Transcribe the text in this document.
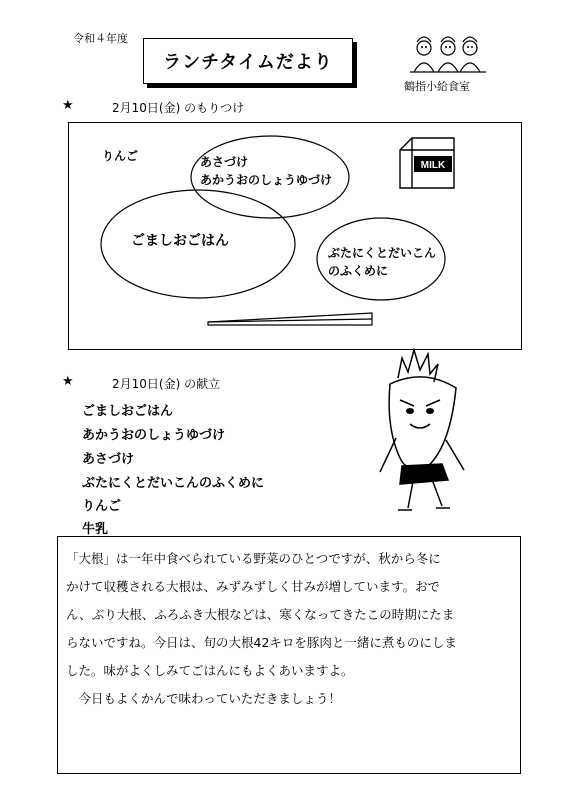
令和４年度
ランチタイムだより
鶴指小給食室
★	2月10日(金) のもりつけ
MILK
りんご	あさづけ
あかうおのしょうゆづけ
ごましおごはん
ぶたにくとだいこん
のふくめに
★	2月10日(金) の献立
ごましおごはん
あかうおのしょうゆづけ
あさづけ
ぶたにくとだいこんのふくめに
りんご
牛乳

「大根」は一年中食べられている野菜のひとつですが、秋から冬に

かけて収穫される大根は、みずみずしく甘みが増しています。おで

ん、ぶり大根、ふろふき大根などは、寒くなってきたこの時期にたま

らないですね。今日は、旬の大根42キロを豚肉と一緒に煮ものにしま

した。味がよくしみてごはんにもよくあいますよ。

　今日もよくかんで味わっていただきましょう！
